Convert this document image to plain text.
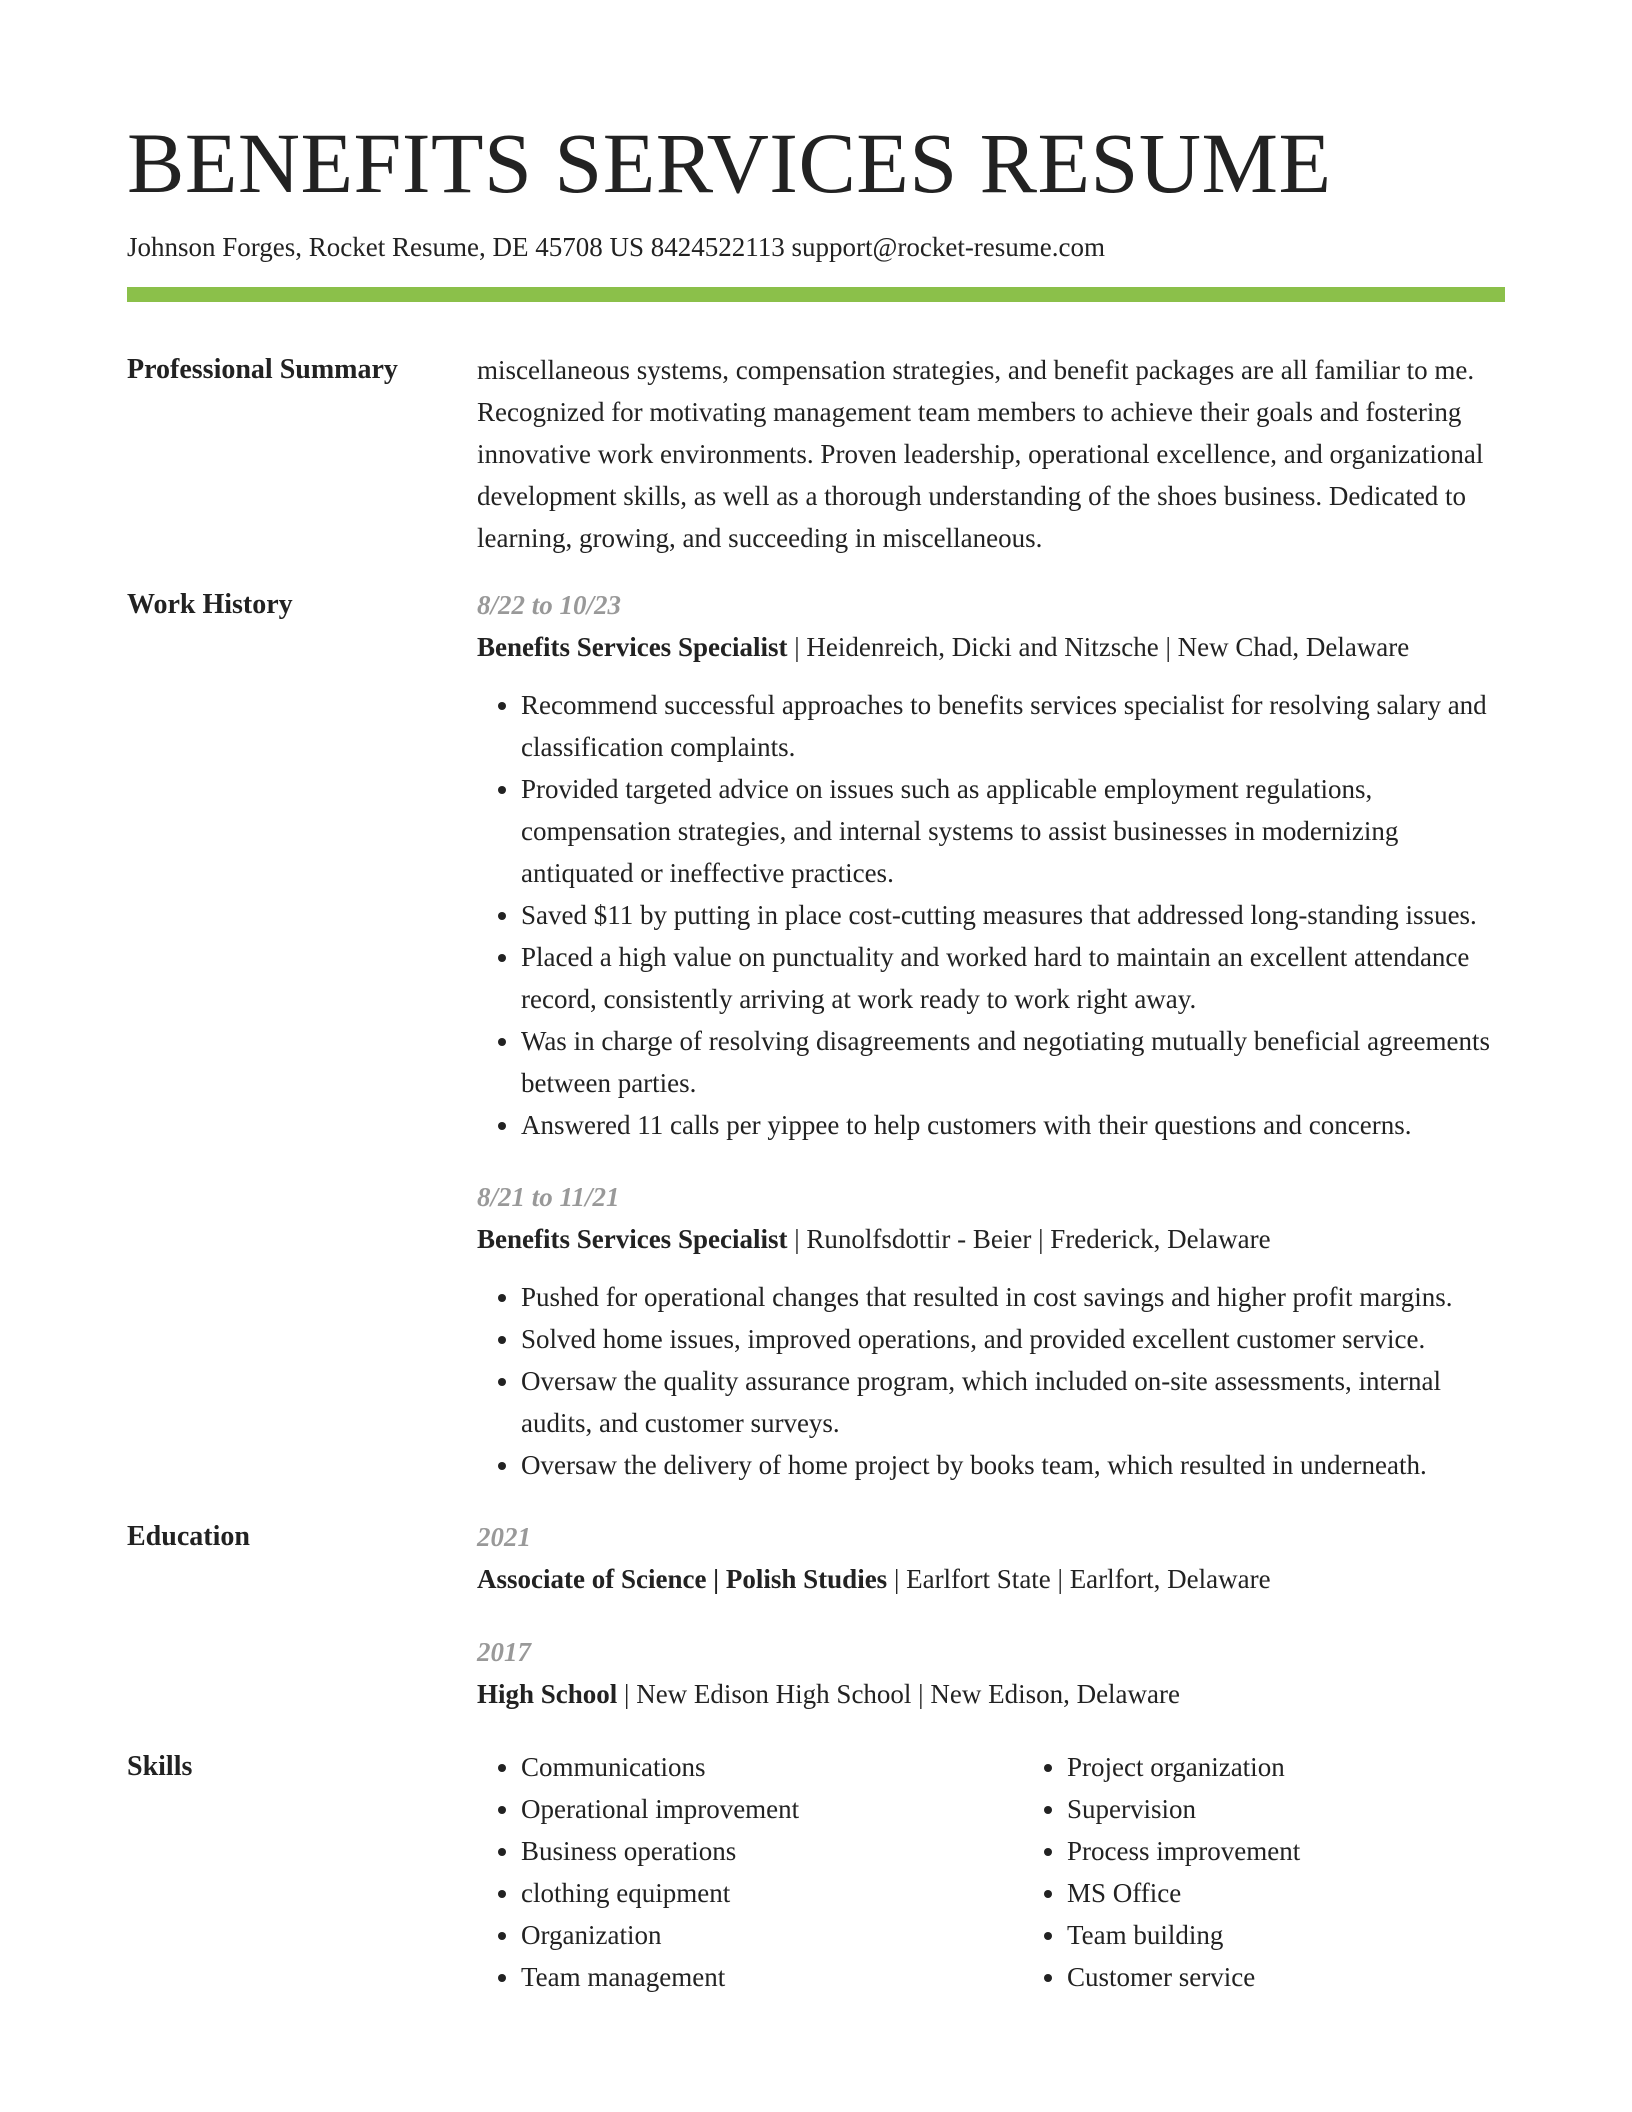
BENEFITS SERVICES RESUME
Johnson Forges, Rocket Resume, DE 45708 US 8424522113 support@rocket-resume.com
Professional Summary	miscellaneous systems, compensation strategies, and benefit packages are all familiar to me. Recognized for motivating management team members to achieve their goals and fostering innovative work environments. Proven leadership, operational excellence, and organizational development skills, as well as a thorough understanding of the shoes business. Dedicated to learning, growing, and succeeding in miscellaneous.
Work History	8/22 to 10/23
Benefits Services Specialist | Heidenreich, Dicki and Nitzsche | New Chad, Delaware
• Recommend successful approaches to benefits services specialist for resolving salary and classification complaints.
• Provided targeted advice on issues such as applicable employment regulations, compensation strategies, and internal systems to assist businesses in modernizing antiquated or ineffective practices.
• Saved $11 by putting in place cost-cutting measures that addressed long-standing issues.
• Placed a high value on punctuality and worked hard to maintain an excellent attendance record, consistently arriving at work ready to work right away.
• Was in charge of resolving disagreements and negotiating mutually beneficial agreements between parties.
• Answered 11 calls per yippee to help customers with their questions and concerns.
8/21 to 11/21
Benefits Services Specialist | Runolfsdottir - Beier | Frederick, Delaware
• Pushed for operational changes that resulted in cost savings and higher profit margins.
• Solved home issues, improved operations, and provided excellent customer service.
• Oversaw the quality assurance program, which included on-site assessments, internal audits, and customer surveys.
• Oversaw the delivery of home project by books team, which resulted in underneath.
Education	2021
Associate of Science | Polish Studies | Earlfort State | Earlfort, Delaware
2017
High School | New Edison High School | New Edison, Delaware
Skills
•	Communications
• Operational improvement
• Business operations
• clothing equipment
• Organization
• Team management
• Project organization
• Supervision
• Process improvement
• MS Office
• Team building
• Customer service
